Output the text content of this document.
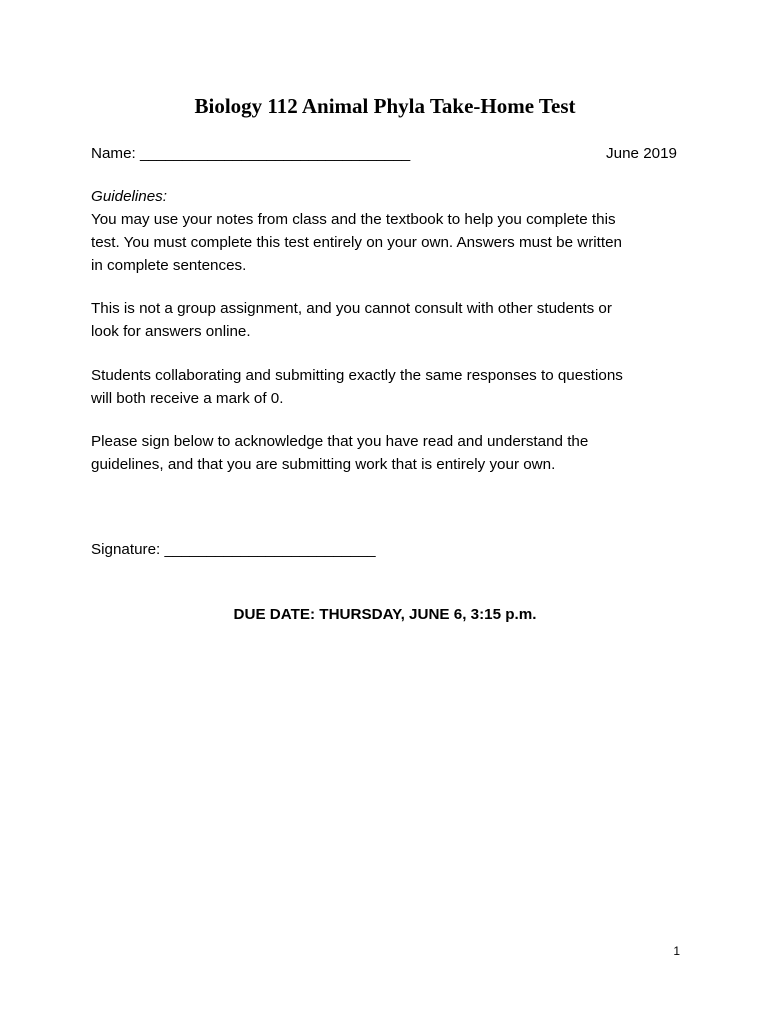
Biology 112 Animal Phyla Take-Home Test
Name: ________________________________	June 2019
Guidelines:
You may use your notes from class and the textbook to help you complete this
test. You must complete this test entirely on your own. Answers must be written
in complete sentences.
This is not a group assignment, and you cannot consult with other students or
look for answers online.
Students collaborating and submitting exactly the same responses to questions
will both receive a mark of 0.
Please sign below to acknowledge that you have read and understand the
guidelines, and that you are submitting work that is entirely your own.
Signature: _________________________
DUE DATE: THURSDAY, JUNE 6, 3:15 p.m.
1
